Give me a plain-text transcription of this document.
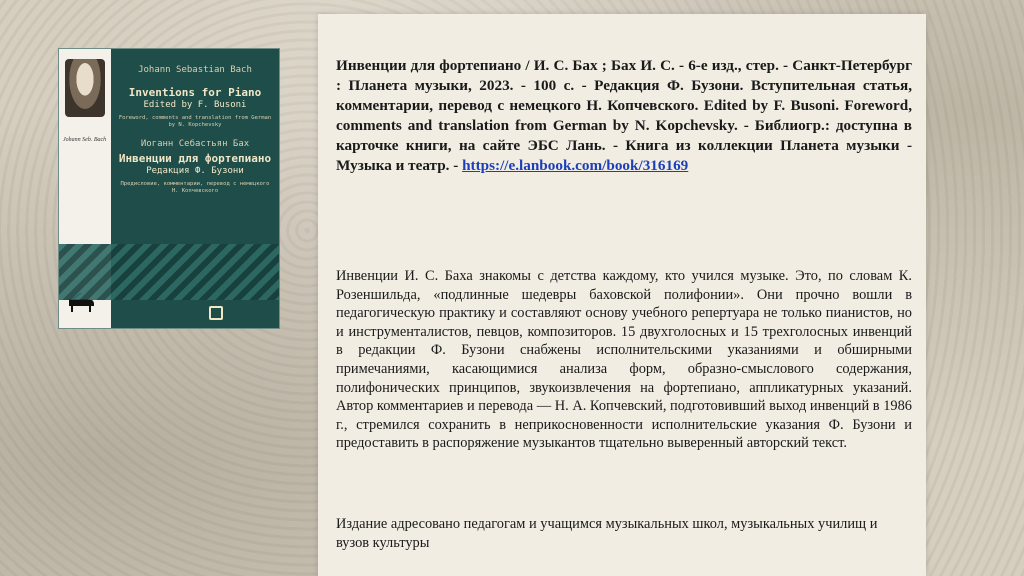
Johann Seb. Bach
Johann Sebastian Bach
Inventions for Piano
Edited by F. Busoni
Foreword, comments and translation from German by N. Kopchevsky
Иоганн Себастьян Бах
Инвенции для фортепиано
Редакция Ф. Бузони
Предисловие, комментарии, перевод с немецкого Н. Копчевского
Инвенции для фортепиано / И. С. Бах ; Бах И. С. - 6-е изд., стер. - Санкт-Петербург : Планета музыки, 2023. - 100 с. - Редакция Ф. Бузони. Вступительная статья, комментарии, перевод с немецкого Н. Копчевского. Edited by F. Busoni. Foreword, comments and translation from German by N. Kopchevsky. - Библиогр.: доступна в карточке книги, на сайте ЭБС Лань. - Книга из коллекции Планета музыки - Музыка и театр. - https://e.lanbook.com/book/316169
Инвенции И. С. Баха знакомы с детства каждому, кто учился музыке. Это, по словам К. Розеншильда, «подлинные шедевры баховской полифонии». Они прочно вошли в педагогическую практику и составляют основу учебного репертуара не только пианистов, но и инструменталистов, певцов, композиторов. 15 двухголосных и 15 трехголосных инвенций в редакции Ф. Бузони снабжены исполнительскими указаниями и обширными примечаниями, касающимися анализа форм, образно-смыслового содержания, полифонических принципов, звукоизвлечения на фортепиано, аппликатурных указаний. Автор комментариев и перевода — Н. А. Копчевский, подготовивший выход инвенций в 1986 г., стремился сохранить в неприкосновенности исполнительские указания Ф. Бузони и предоставить в распоряжение музыкантов тщательно выверенный авторский текст.
Издание адресовано педагогам и учащимся музыкальных школ, музыкальных училищ и вузов культуры
